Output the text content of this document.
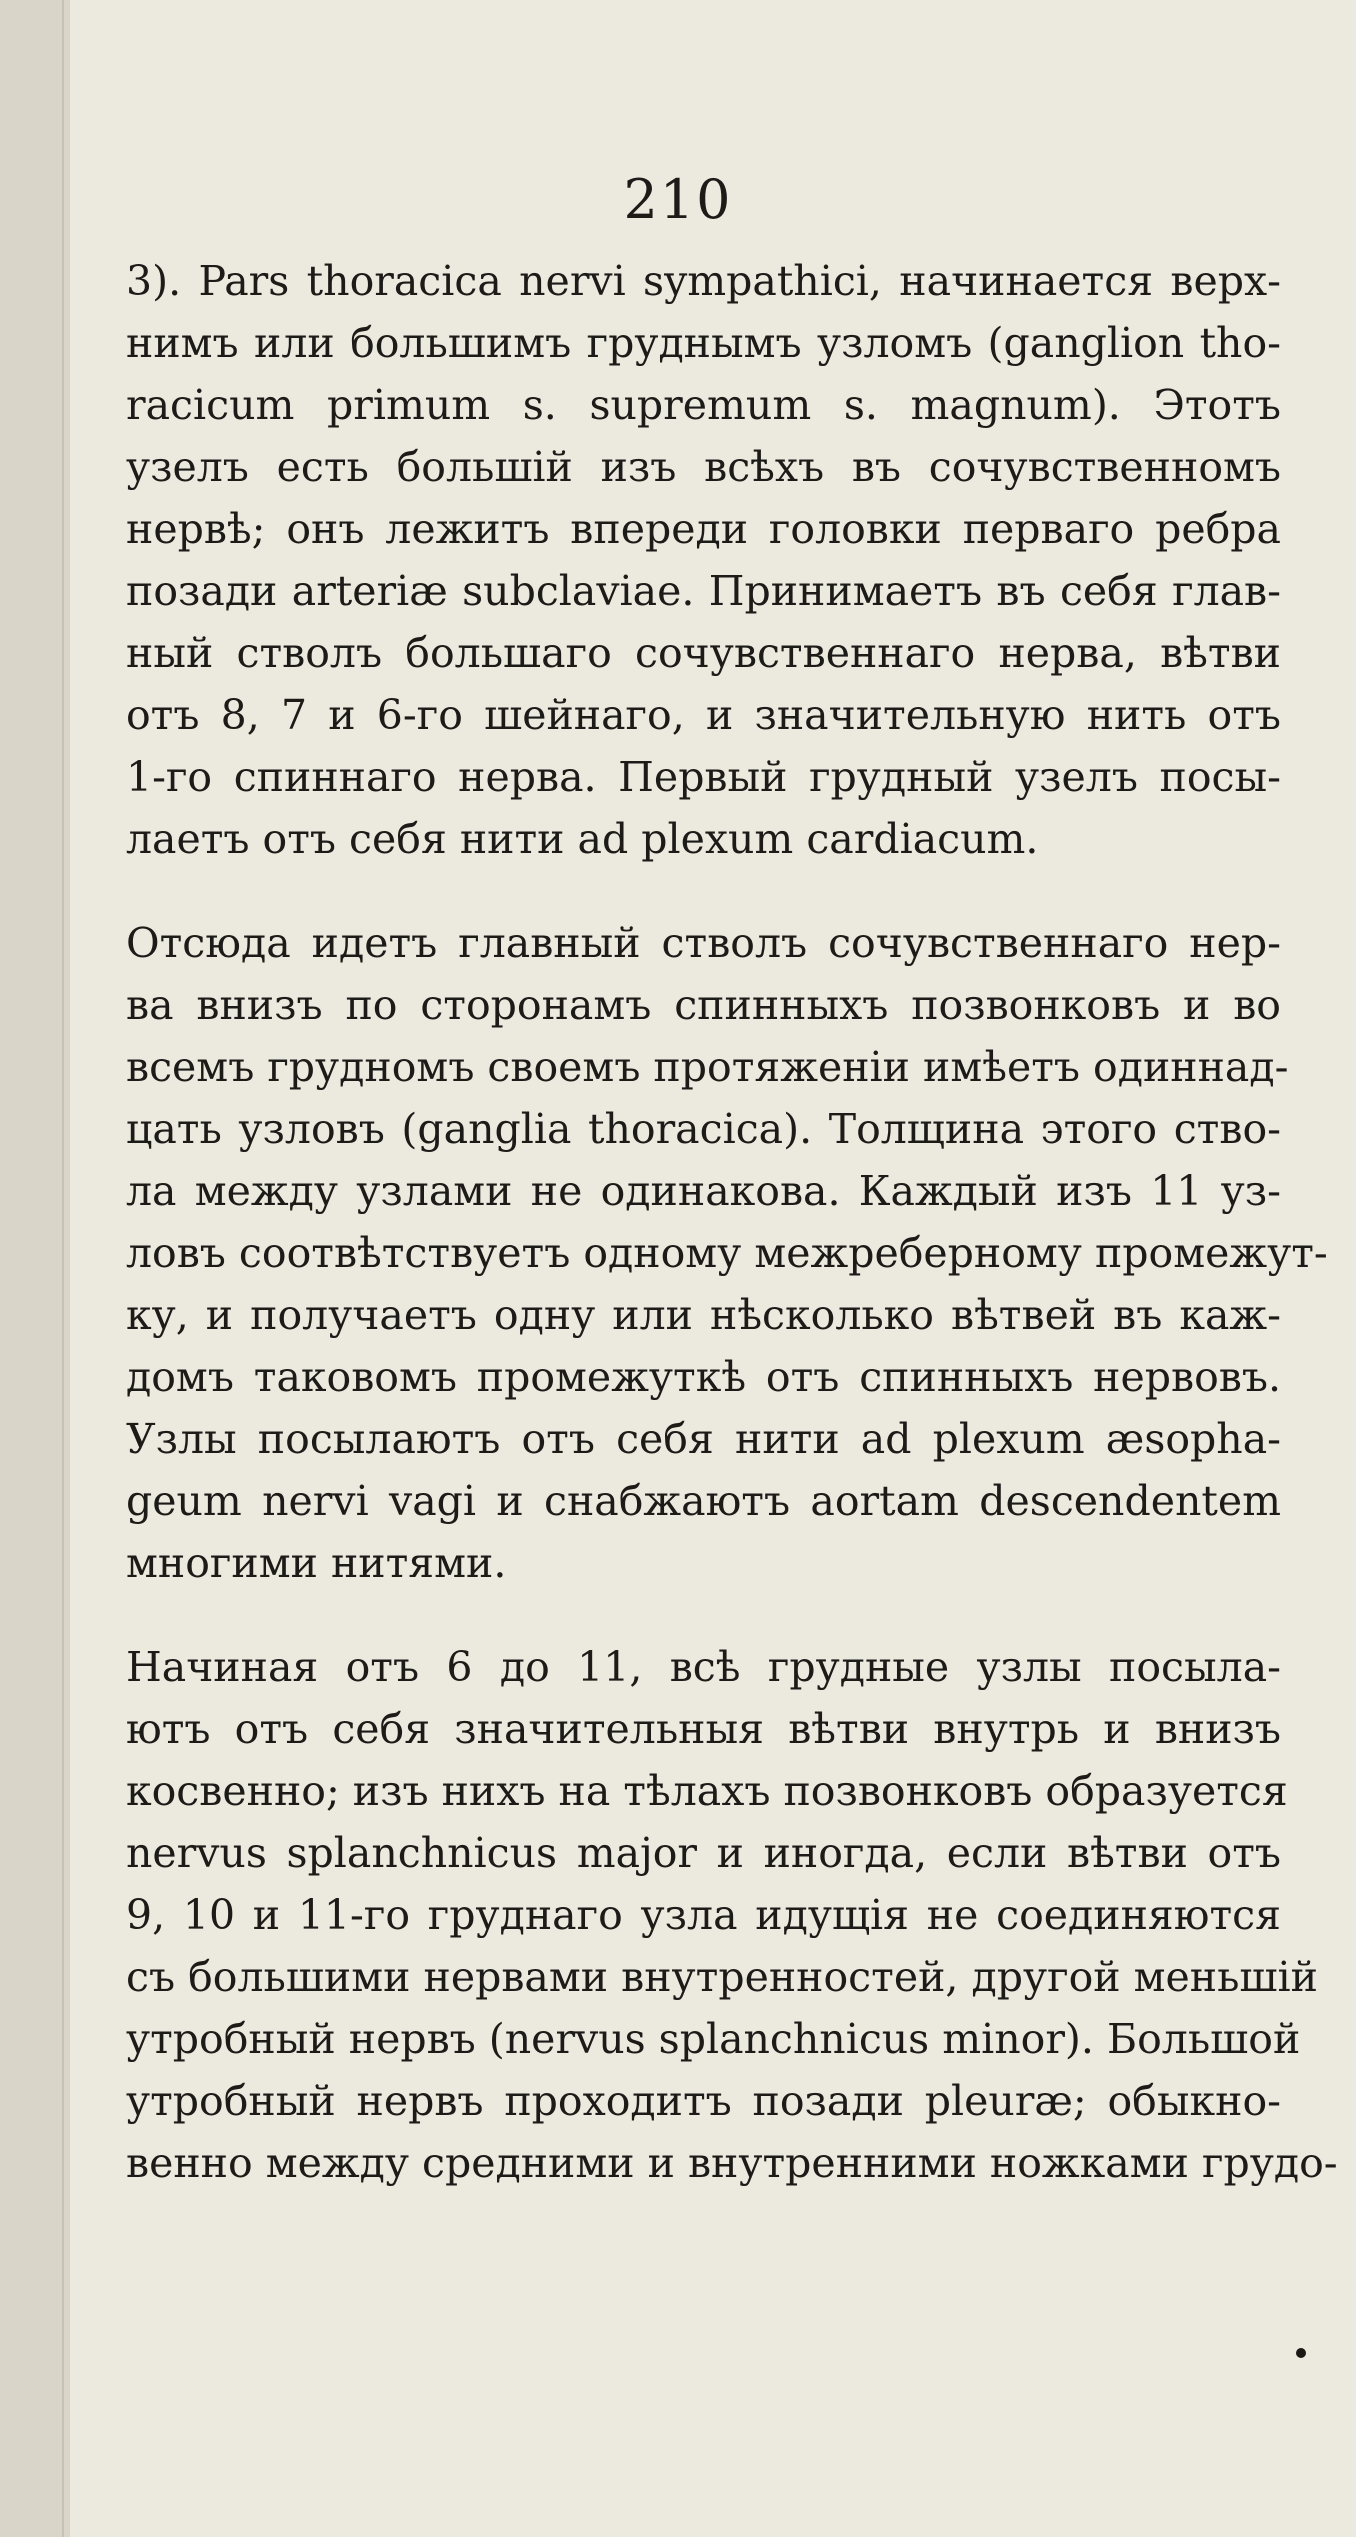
210
3). Pars thoracica nervi sympathici, начинается верх-
нимъ или большимъ груднымъ узломъ (ganglion tho-
racicum primum s. supremum s. magnum). Этотъ
узелъ есть большій изъ всѣхъ въ сочувственномъ
нервѣ; онъ лежитъ впереди головки перваго ребра
позади arteriæ subclaviae. Принимаетъ въ себя глав-
ный стволъ большаго сочувственнаго нерва, вѣтви
отъ 8, 7 и 6-го шейнаго, и значительную нить отъ
1-го спиннаго нерва. Первый грудный узелъ посы-
лаетъ отъ себя нити ad plexum cardiacum.
Отсюда идетъ главный стволъ сочувственнаго нер-
ва внизъ по сторонамъ спинныхъ позвонковъ и во
всемъ грудномъ своемъ протяженіи имѣетъ одиннад-
цать узловъ (ganglia thoracica). Толщина этого ство-
ла между узлами не одинакова. Каждый изъ 11 уз-
ловъ соотвѣтствуетъ одному межреберному промежут-
ку, и получаетъ одну или нѣсколько вѣтвей въ каж-
домъ таковомъ промежуткѣ отъ спинныхъ нервовъ.
Узлы посылаютъ отъ себя нити ad plexum æsopha-
geum nervi vagi и снабжаютъ aortam descendentem
многими нитями.
Начиная отъ 6 до 11, всѣ грудные узлы посыла-
ютъ отъ себя значительныя вѣтви внутрь и внизъ
косвенно; изъ нихъ на тѣлахъ позвонковъ образуется
nervus splanchnicus major и иногда, если вѣтви отъ
9, 10 и 11-го груднаго узла идущія не соединяются
съ большими нервами внутренностей, другой меньшій
утробный нервъ (nervus splanchnicus minor). Большой
утробный нервъ проходитъ позади pleuræ; обыкно-
венно между средними и внутренними ножками грудо-
